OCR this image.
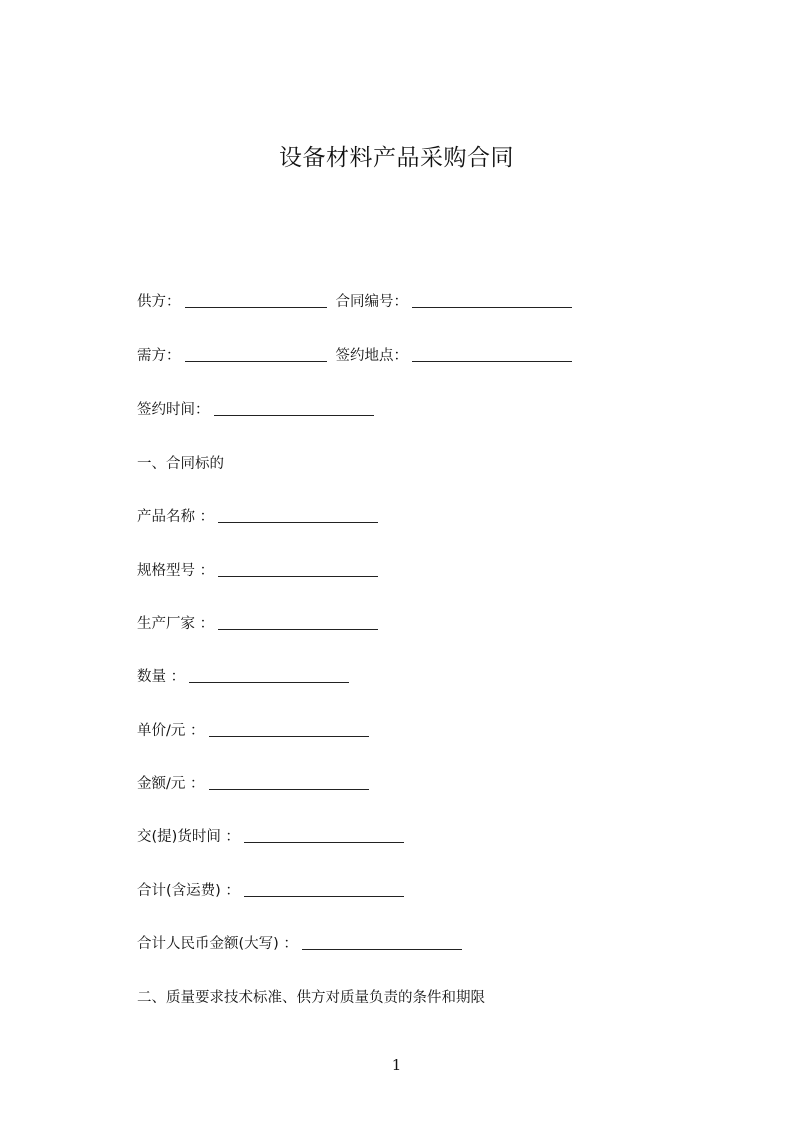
设备材料产品采购合同
供方：	合同编号：
需方：	签约地点：
签约时间：
一、合同标的
产品名称 ：
规格型号 ：
生产厂家 ：
数量 ：
单价/元 ：
金额/元 ：
交(提)货时间 ：
合计(含运费) ：
合计人民币金额(大写) ：
二、质量要求技术标准、供方对质量负责的条件和期限
1
